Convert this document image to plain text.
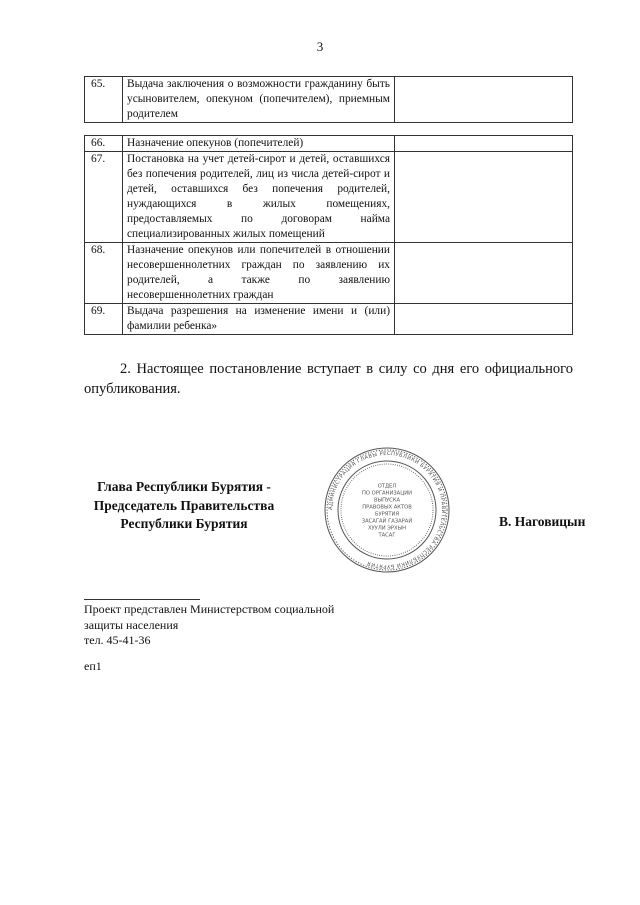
3
65.	Выдача заключения о возможности гражданину быть усыновителем, опекуном (попечителем), приемным родителем	
66.	Назначение опекунов (попечителей)	
67.	Постановка на учет детей-сирот и детей, оставшихся без попечения родителей, лиц из числа детей-сирот и детей, оставшихся без попечения родителей, нуждающихся в жилых помещениях, предоставляемых по договорам найма специализированных жилых помещений	
68.	Назначение опекунов или попечителей в отношении несовершеннолетних граждан по заявлению их родителей, а также по заявлению несовершеннолетних граждан	
69.	Выдача разрешения на изменение имени и (или) фамилии ребенка»	
2. Настоящее постановление вступает в силу со дня его официального опубликования.
Глава Республики Бурятия -
Председатель Правительства
Республики Бурятия
АДМИНИСТРАЦИЯ ГЛАВЫ РЕСПУБЛИКИ БУРЯТИЯ И ПРАВИТЕЛЬСТВА РЕСПУБЛИКИ БУРЯТИЯ
ОТДЕЛ
ПО ОРГАНИЗАЦИИ
ВЫПУСКА
ПРАВОВЫХ АКТОВ
БУРЯТИЯ
ЗАСАГАЙ ГАЗАРАЙ
ХУУЛИ ЭРХЫН
ТАСАГ
В. Наговицын
Проект представлен Министерством социальной
защиты населения
тел. 45-41-36
еп1
